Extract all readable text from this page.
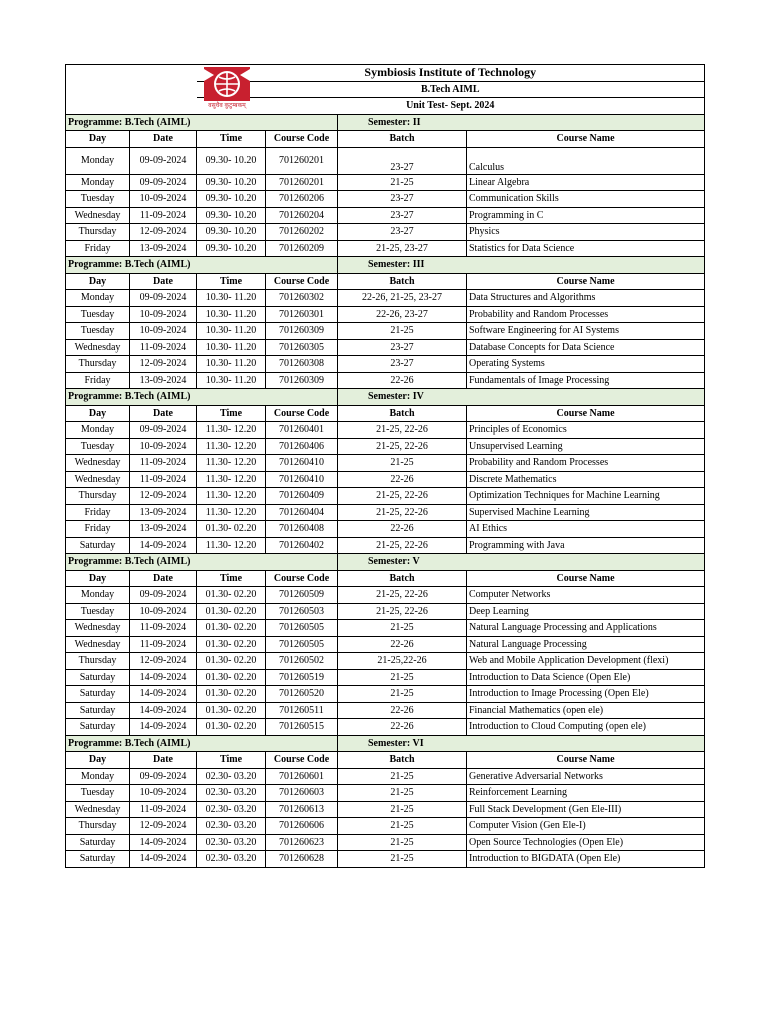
वसुधैव कुटुम्बकम्		Symbiosis Institute of Technology			
		B.Tech AIML			
		Unit Test- Sept. 2024			
Programme: B.Tech (AIML)				Semester: II	
Day	Date	Time	Course Code	Batch	Course Name
Monday	09-09-2024	09.30- 10.20	701260201	23-27	Calculus
Monday	09-09-2024	09.30- 10.20	701260201	21-25	Linear Algebra
Tuesday	10-09-2024	09.30- 10.20	701260206	23-27	Communication Skills
Wednesday	11-09-2024	09.30- 10.20	701260204	23-27	Programming in C
Thursday	12-09-2024	09.30- 10.20	701260202	23-27	Physics
Friday	13-09-2024	09.30- 10.20	701260209	21-25, 23-27	Statistics for Data Science
Programme: B.Tech (AIML)				Semester: III	
Day	Date	Time	Course Code	Batch	Course Name
Monday	09-09-2024	10.30- 11.20	701260302	22-26, 21-25, 23-27	Data Structures and Algorithms
Tuesday	10-09-2024	10.30- 11.20	701260301	22-26, 23-27	Probability and Random Processes
Tuesday	10-09-2024	10.30- 11.20	701260309	21-25	Software Engineering for AI Systems
Wednesday	11-09-2024	10.30- 11.20	701260305	23-27	Database Concepts for Data Science
Thursday	12-09-2024	10.30- 11.20	701260308	23-27	Operating Systems
Friday	13-09-2024	10.30- 11.20	701260309	22-26	Fundamentals of Image Processing
Programme: B.Tech (AIML)				Semester: IV	
Day	Date	Time	Course Code	Batch	Course Name
Monday	09-09-2024	11.30- 12.20	701260401	21-25, 22-26	Principles of Economics
Tuesday	10-09-2024	11.30- 12.20	701260406	21-25, 22-26	Unsupervised Learning
Wednesday	11-09-2024	11.30- 12.20	701260410	21-25	Probability and Random Processes
Wednesday	11-09-2024	11.30- 12.20	701260410	22-26	Discrete Mathematics
Thursday	12-09-2024	11.30- 12.20	701260409	21-25, 22-26	Optimization Techniques for Machine Learning
Friday	13-09-2024	11.30- 12.20	701260404	21-25, 22-26	Supervised Machine Learning
Friday	13-09-2024	01.30- 02.20	701260408	22-26	AI Ethics
Saturday	14-09-2024	11.30- 12.20	701260402	21-25, 22-26	Programming with Java
Programme: B.Tech (AIML)				Semester: V	
Day	Date	Time	Course Code	Batch	Course Name
Monday	09-09-2024	01.30- 02.20	701260509	21-25, 22-26	Computer Networks
Tuesday	10-09-2024	01.30- 02.20	701260503	21-25, 22-26	Deep Learning
Wednesday	11-09-2024	01.30- 02.20	701260505	21-25	Natural Language Processing and Applications
Wednesday	11-09-2024	01.30- 02.20	701260505	22-26	Natural Language Processing
Thursday	12-09-2024	01.30- 02.20	701260502	21-25,22-26	Web and Mobile Application Development (flexi)
Saturday	14-09-2024	01.30- 02.20	701260519	21-25	Introduction to Data Science (Open Ele)
Saturday	14-09-2024	01.30- 02.20	701260520	21-25	Introduction to Image Processing (Open Ele)
Saturday	14-09-2024	01.30- 02.20	701260511	22-26	Financial Mathematics (open ele)
Saturday	14-09-2024	01.30- 02.20	701260515	22-26	Introduction to Cloud Computing (open ele)
Programme: B.Tech (AIML)				Semester: VI	
Day	Date	Time	Course Code	Batch	Course Name
Monday	09-09-2024	02.30- 03.20	701260601	21-25	Generative Adversarial Networks
Tuesday	10-09-2024	02.30- 03.20	701260603	21-25	Reinforcement Learning
Wednesday	11-09-2024	02.30- 03.20	701260613	21-25	Full Stack Development (Gen Ele-III)
Thursday	12-09-2024	02.30- 03.20	701260606	21-25	Computer Vision (Gen Ele-I)
Saturday	14-09-2024	02.30- 03.20	701260623	21-25	Open Source Technologies (Open Ele)
Saturday	14-09-2024	02.30- 03.20	701260628	21-25	Introduction to BIGDATA (Open Ele)
